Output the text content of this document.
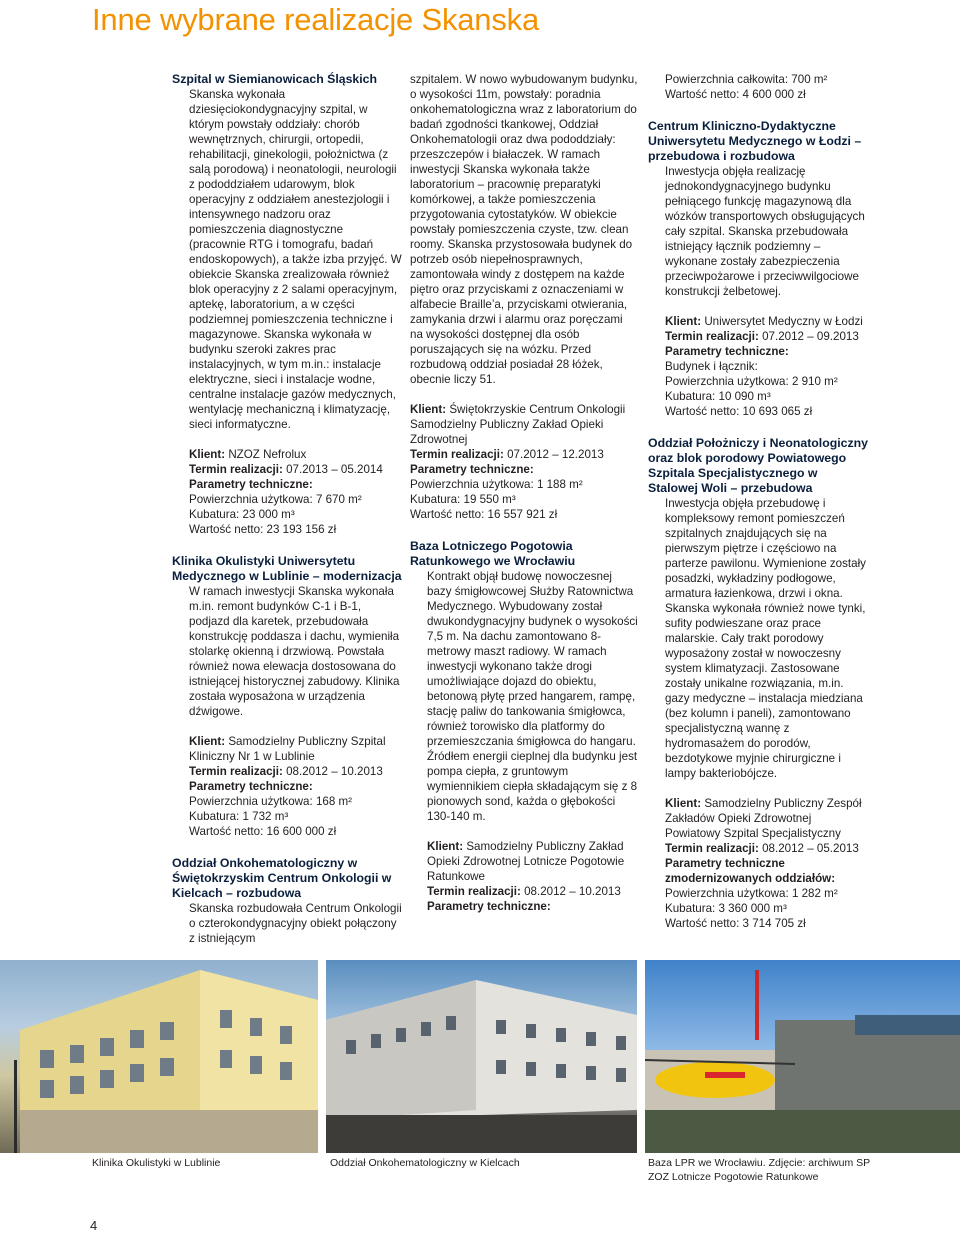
Inne wybrane realizacje Skanska

Szpital w Siemianowicach Śląskich

Skanska wykonała dziesięciokondygnacyjny szpital, w którym powstały oddziały: chorób wewnętrznych, chirurgii, ortopedii, rehabilitacji, ginekologii, położnictwa (z salą porodową) i neonatologii, neurologii z pododdziałem udarowym, blok operacyjny z oddziałem anestezjologii i intensywnego nadzoru oraz pomieszczenia diagnostyczne (pracownie RTG i tomografu, badań endoskopowych), a także izba przyjęć. W obiekcie Skanska zrealizowała również blok operacyjny z 2 salami operacyjnym, aptekę, laboratorium, a w części podziemnej pomieszczenia techniczne i magazynowe. Skanska wykonała w budynku szeroki zakres prac instalacyjnych, w tym m.in.: instalacje elektryczne, sieci i instalacje wodne, centralne instalacje gazów medycznych, wentylację mechaniczną i klimatyzację, sieci informatyczne.

Klient: NZOZ Nefrolux

Termin realizacji: 07.2013 – 05.2014

Parametry techniczne:

Powierzchnia użytkowa: 7 670 m²

Kubatura: 23 000 m³

Wartość netto: 23 193 156 zł

Klinika Okulistyki Uniwersytetu Medycznego w Lublinie – modernizacja

W ramach inwestycji Skanska wykonała m.in. remont budynków C-1 i B-1, podjazd dla karetek, przebudowała konstrukcję poddasza i dachu, wymieniła stolarkę okienną i drzwiową. Powstała również nowa elewacja dostosowana do istniejącej historycznej zabudowy. Klinika została wyposażona w urządzenia dźwigowe.

Klient: Samodzielny Publiczny Szpital Kliniczny Nr 1 w Lublinie

Termin realizacji: 08.2012 – 10.2013

Parametry techniczne:

Powierzchnia użytkowa: 168 m²

Kubatura: 1 732 m³

Wartość netto: 16 600 000 zł

Oddział Onkohematologiczny w Świętokrzyskim Centrum Onkologii w Kielcach – rozbudowa

Skanska rozbudowała Centrum Onkologii o czterokondygnacyjny obiekt połączony z istniejącym

szpitalem. W nowo wybudowanym budynku, o wysokości 11m, powstały: poradnia onkohematologiczna wraz z laboratorium do badań zgodności tkankowej, Oddział Onkohematologii oraz dwa pododdziały: przeszczepów i białaczek. W ramach inwestycji Skanska wykonała także laboratorium – pracownię preparatyki komórkowej, a także pomieszczenia przygotowania cytostatyków. W obiekcie powstały pomieszczenia czyste, tzw. clean roomy. Skanska przystosowała budynek do potrzeb osób niepełnosprawnych, zamontowała windy z dostępem na każde piętro oraz przyciskami z oznaczeniami w alfabecie Braille’a, przyciskami otwierania, zamykania drzwi i alarmu oraz poręczami na wysokości dostępnej dla osób poruszających się na wózku. Przed rozbudową oddział posiadał 28 łóżek, obecnie liczy 51.

Klient: Świętokrzyskie Centrum Onkologii Samodzielny Publiczny Zakład Opieki Zdrowotnej

Termin realizacji: 07.2012 – 12.2013

Parametry techniczne:

Powierzchnia użytkowa: 1 188 m²

Kubatura: 19 550 m³

Wartość netto: 16 557 921 zł

Baza Lotniczego Pogotowia Ratunkowego we Wrocławiu

Kontrakt objął budowę nowoczesnej bazy śmigłowcowej Służby Ratownictwa Medycznego. Wybudowany został dwukondygnacyjny budynek o wysokości 7,5 m. Na dachu zamontowano 8-metrowy maszt radiowy. W ramach inwestycji wykonano także drogi umożliwiające dojazd do obiektu, betonową płytę przed hangarem, rampę, stację paliw do tankowania śmigłowca, również torowisko dla platformy do przemieszczania śmigłowca do hangaru. Źródłem energii cieplnej dla budynku jest pompa ciepła, z gruntowym wymiennikiem ciepła składającym się z 8 pionowych sond, każda o głębokości 130-140 m.

Klient: Samodzielny Publiczny Zakład Opieki Zdrowotnej Lotnicze Pogotowie Ratunkowe

Termin realizacji: 08.2012 – 10.2013

Parametry techniczne:

Powierzchnia całkowita: 700 m²

Wartość netto: 4 600 000 zł

Centrum Kliniczno-Dydaktyczne Uniwersytetu Medycznego w Łodzi – przebudowa i rozbudowa

Inwestycja objęła realizację jednokondygnacyjnego budynku pełniącego funkcję magazynową dla wózków transportowych obsługujących cały szpital. Skanska przebudowała istniejący łącznik podziemny – wykonane zostały zabezpieczenia przeciwpożarowe i przeciwwilgociowe konstrukcji żelbetowej.

Klient: Uniwersytet Medyczny w Łodzi

Termin realizacji: 07.2012 – 09.2013

Parametry techniczne:

Budynek i łącznik:

Powierzchnia użytkowa: 2 910 m²

Kubatura: 10 090 m³

Wartość netto: 10 693 065 zł

Oddział Położniczy i Neonatologiczny oraz blok porodowy Powiatowego Szpitala Specjalistycznego w Stalowej Woli – przebudowa

Inwestycja objęła przebudowę i kompleksowy remont pomieszczeń szpitalnych znajdujących się na pierwszym piętrze i częściowo na parterze pawilonu. Wymienione zostały posadzki, wykładziny podłogowe, armatura łazienkowa, drzwi i okna. Skanska wykonała również nowe tynki, sufity podwieszane oraz prace malarskie. Cały trakt porodowy wyposażony został w nowoczesny system klimatyzacji. Zastosowane zostały unikalne rozwiązania, m.in. gazy medyczne – instalacja miedziana (bez kolumn i paneli), zamontowano specjalistyczną wannę z hydromasażem do porodów, bezdotykowe myjnie chirurgiczne i lampy bakteriobójcze.

Klient: Samodzielny Publiczny Zespół Zakładów Opieki Zdrowotnej Powiatowy Szpital Specjalistyczny

Termin realizacji: 08.2012 – 05.2013

Parametry techniczne zmodernizowanych oddziałów:

Powierzchnia użytkowa: 1 282 m²

Kubatura: 3 360 000 m³

Wartość netto: 3 714 705 zł

Klinika Okulistyki w Lublinie	Oddział Onkohematologiczny w Kielcach	Baza LPR we Wrocławiu. Zdjęcie: archiwum SP ZOZ Lotnicze Pogotowie Ratunkowe
4
